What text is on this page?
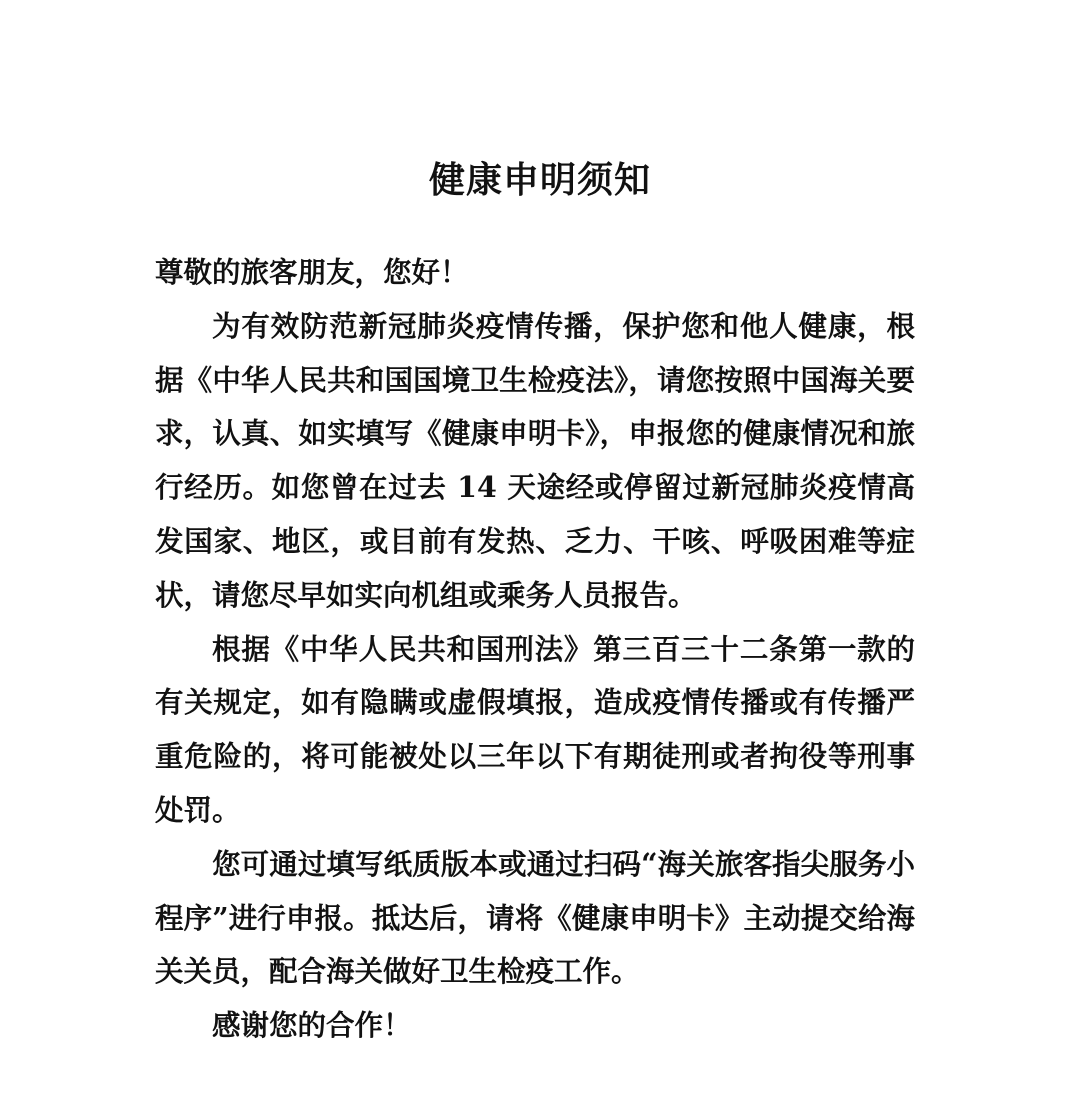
健康申明须知

尊敬的旅客朋友，您好！

为有效防范新冠肺炎疫情传播，保护您和他人健康，根据《中华人民共和国国境卫生检疫法》，请您按照中国海关要求，认真、如实填写《健康申明卡》，申报您的健康情况和旅行经历。如您曾在过去 14 天途经或停留过新冠肺炎疫情高发国家、地区，或目前有发热、乏力、干咳、呼吸困难等症状，请您尽早如实向机组或乘务人员报告。

根据《中华人民共和国刑法》第三百三十二条第一款的有关规定，如有隐瞒或虚假填报，造成疫情传播或有传播严重危险的，将可能被处以三年以下有期徒刑或者拘役等刑事处罚。

您可通过填写纸质版本或通过扫码“海关旅客指尖服务小程序”进行申报。抵达后，请将《健康申明卡》主动提交给海关关员，配合海关做好卫生检疫工作。

感谢您的合作！
